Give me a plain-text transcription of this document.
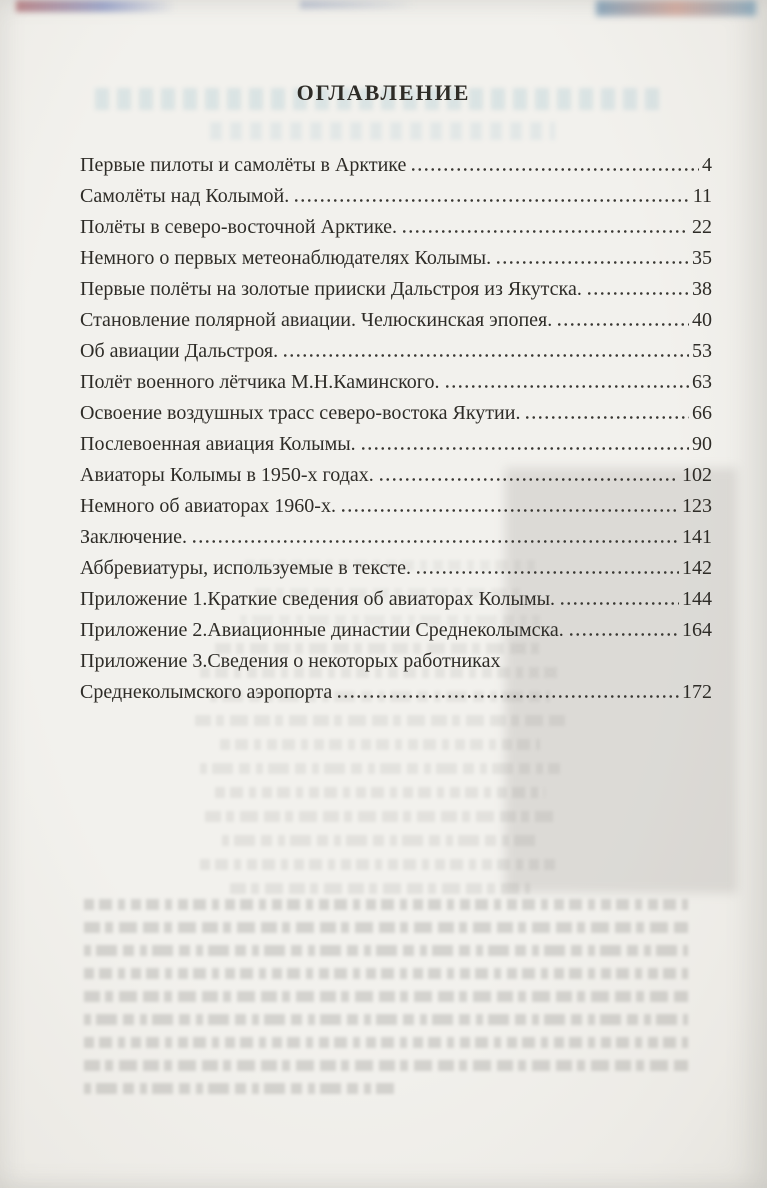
ОГЛАВЛЕНИЕ
Первые пилоты и самолёты в Арктике	4
Самолёты над Колымой.	11
Полёты в северо-восточной Арктике.	22
Немного о первых метеонаблюдателях Колымы.	35
Первые полёты на золотые прииски Дальстроя из Якутска.	38
Становление полярной авиации. Челюскинская эпопея.	40
Об авиации Дальстроя.	53
Полёт военного лётчика М.Н.Каминского.	63
Освоение воздушных трасс северо-востока Якутии.	66
Послевоенная авиация Колымы.	90
Авиаторы Колымы в 1950-х годах.	102
Немного об авиаторах 1960-х.	123
Заключение.	141
Аббревиатуры, используемые в тексте.	142
Приложение 1.Краткие сведения об авиаторах Колымы.	144
Приложение 2.Авиационные династии Среднеколымска.	164
Приложение 3.Сведения о некоторых работниках
Среднеколымского аэропорта	172
